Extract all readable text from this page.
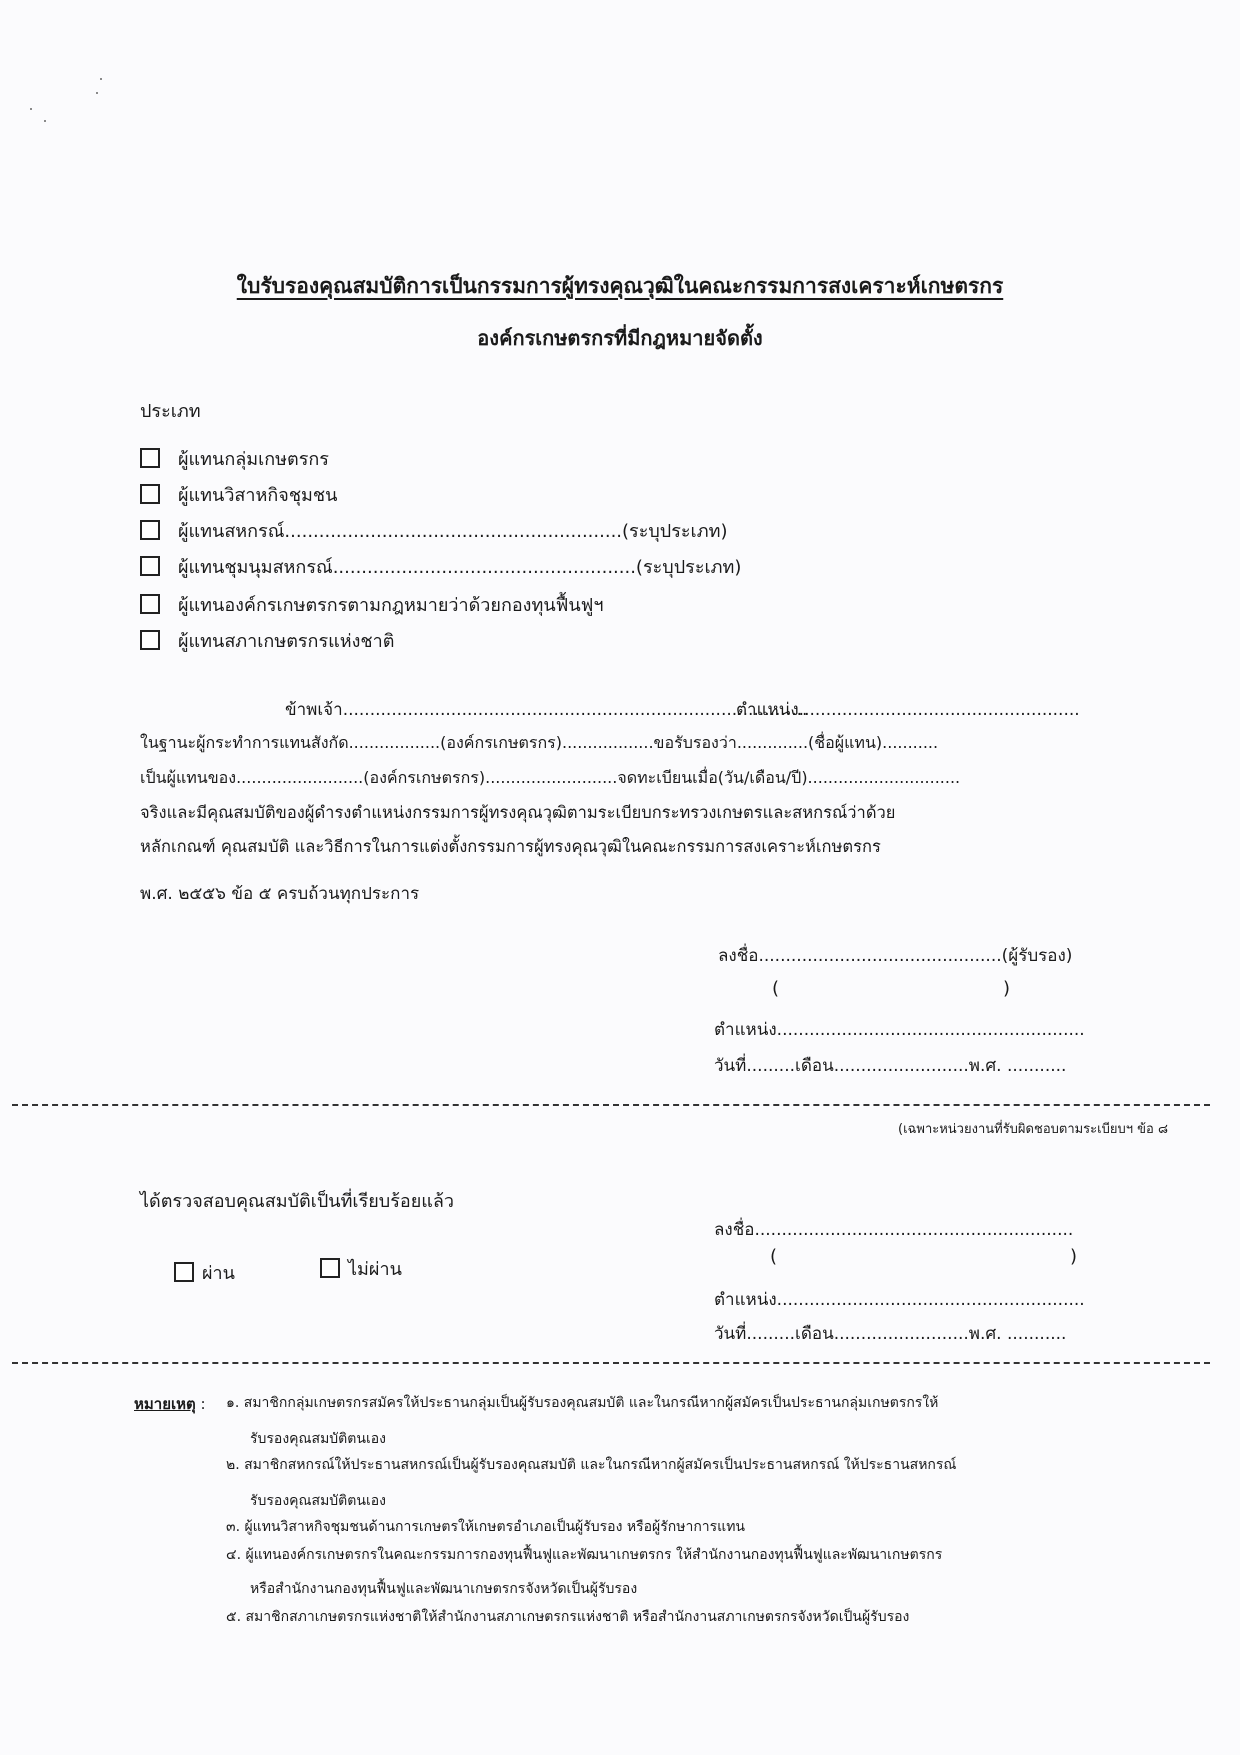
ใบรับรองคุณสมบัติการเป็นกรรมการผู้ทรงคุณวุฒิในคณะกรรมการสงเคราะห์เกษตรกร
องค์กรเกษตรกรที่มีกฎหมายจัดตั้ง
ประเภท
ผู้แทนกลุ่มเกษตรกร
ผู้แทนวิสาหกิจชุมชน
ผู้แทนสหกรณ์...........................................................(ระบุประเภท)
ผู้แทนชุมนุมสหกรณ์.....................................................(ระบุประเภท)
ผู้แทนองค์กรเกษตรกรตามกฎหมายว่าด้วยกองทุนฟื้นฟูฯ
ผู้แทนสภาเกษตรกรแห่งชาติ
ข้าพเจ้า......................................................................................
ตำแหน่ง....................................................
ในฐานะผู้กระทำการแทนสังกัด..................(องค์กรเกษตรกร)..................ขอรับรองว่า..............(ชื่อผู้แทน)...........
เป็นผู้แทนของ.........................(องค์กรเกษตรกร)..........................จดทะเบียนเมื่อ(วัน/เดือน/ปี)..............................
จริงและมีคุณสมบัติของผู้ดำรงตำแหน่งกรรมการผู้ทรงคุณวุฒิตามระเบียบกระทรวงเกษตรและสหกรณ์ว่าด้วย
หลักเกณฑ์ คุณสมบัติ และวิธีการในการแต่งตั้งกรรมการผู้ทรงคุณวุฒิในคณะกรรมการสงเคราะห์เกษตรกร
พ.ศ. ๒๕๕๖ ข้อ ๕ ครบถ้วนทุกประการ
ลงชื่อ.............................................(ผู้รับรอง)
(	)
ตำแหน่ง.........................................................
วันที่.........เดือน.........................พ.ศ. ...........
(เฉพาะหน่วยงานที่รับผิดชอบตามระเบียบฯ ข้อ ๘
ได้ตรวจสอบคุณสมบัติเป็นที่เรียบร้อยแล้ว
ผ่าน	ไม่ผ่าน
ลงชื่อ...........................................................
(	)
ตำแหน่ง.........................................................
วันที่.........เดือน.........................พ.ศ. ...........
หมายเหตุ : ๑. สมาชิกกลุ่มเกษตรกรสมัครให้ประธานกลุ่มเป็นผู้รับรองคุณสมบัติ และในกรณีหากผู้สมัครเป็นประธานกลุ่มเกษตรกรให้
รับรองคุณสมบัติตนเอง
๒. สมาชิกสหกรณ์ให้ประธานสหกรณ์เป็นผู้รับรองคุณสมบัติ และในกรณีหากผู้สมัครเป็นประธานสหกรณ์ ให้ประธานสหกรณ์
รับรองคุณสมบัติตนเอง
๓. ผู้แทนวิสาหกิจชุมชนด้านการเกษตรให้เกษตรอำเภอเป็นผู้รับรอง หรือผู้รักษาการแทน
๔. ผู้แทนองค์กรเกษตรกรในคณะกรรมการกองทุนฟื้นฟูและพัฒนาเกษตรกร ให้สำนักงานกองทุนฟื้นฟูและพัฒนาเกษตรกร
หรือสำนักงานกองทุนฟื้นฟูและพัฒนาเกษตรกรจังหวัดเป็นผู้รับรอง
๕. สมาชิกสภาเกษตรกรแห่งชาติให้สำนักงานสภาเกษตรกรแห่งชาติ หรือสำนักงานสภาเกษตรกรจังหวัดเป็นผู้รับรอง
